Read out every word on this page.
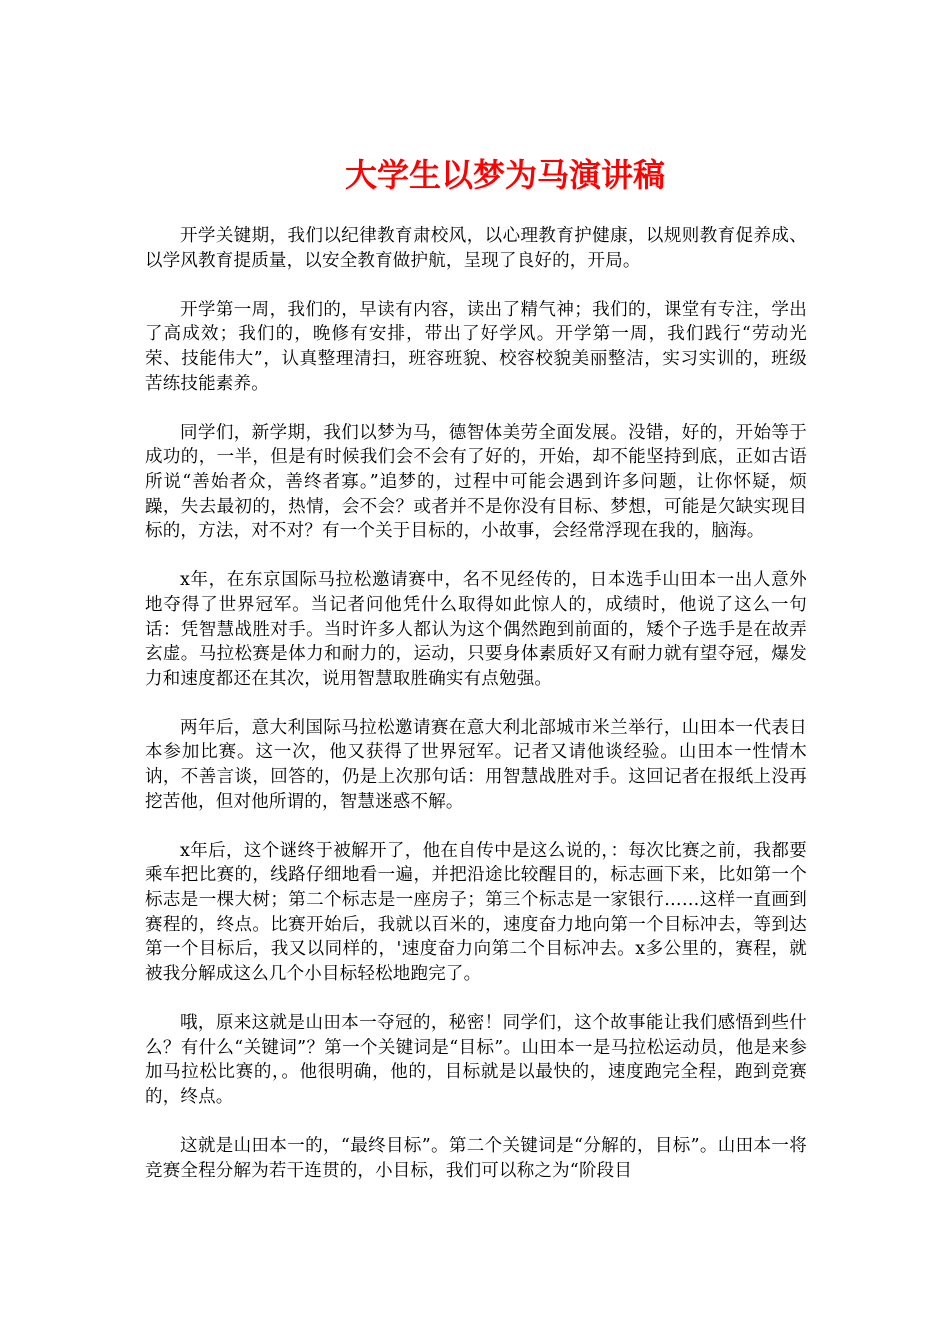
大学生以梦为马演讲稿

开学关键期，我们以纪律教育肃校风，以心理教育护健康，以规则教育促养成、以学风教育提质量，以安全教育做护航，呈现了良好的，开局。

开学第一周，我们的，早读有内容，读出了精气神；我们的，课堂有专注，学出了高成效；我们的，晚修有安排，带出了好学风。开学第一周，我们践行“劳动光荣、技能伟大”，认真整理清扫，班容班貌、校容校貌美丽整洁，实习实训的，班级苦练技能素养。

同学们，新学期，我们以梦为马，德智体美劳全面发展。没错，好的，开始等于成功的，一半，但是有时候我们会不会有了好的，开始，却不能坚持到底，正如古语所说“善始者众，善终者寡。”追梦的，过程中可能会遇到许多问题，让你怀疑，烦躁，失去最初的，热情，会不会？或者并不是你没有目标、梦想，可能是欠缺实现目标的，方法，对不对？有一个关于目标的，小故事，会经常浮现在我的，脑海。

x年，在东京国际马拉松邀请赛中，名不见经传的，日本选手山田本一出人意外地夺得了世界冠军。当记者问他凭什么取得如此惊人的，成绩时，他说了这么一句话：凭智慧战胜对手。当时许多人都认为这个偶然跑到前面的，矮个子选手是在故弄玄虚。马拉松赛是体力和耐力的，运动，只要身体素质好又有耐力就有望夺冠，爆发力和速度都还在其次，说用智慧取胜确实有点勉强。

两年后，意大利国际马拉松邀请赛在意大利北部城市米兰举行，山田本一代表日本参加比赛。这一次，他又获得了世界冠军。记者又请他谈经验。山田本一性情木讷，不善言谈，回答的，仍是上次那句话：用智慧战胜对手。这回记者在报纸上没再挖苦他，但对他所谓的，智慧迷惑不解。

x年后，这个谜终于被解开了，他在自传中是这么说的，：每次比赛之前，我都要乘车把比赛的，线路仔细地看一遍，并把沿途比较醒目的，标志画下来，比如第一个标志是一棵大树；第二个标志是一座房子；第三个标志是一家银行……这样一直画到赛程的，终点。比赛开始后，我就以百米的，速度奋力地向第一个目标冲去，等到达第一个目标后，我又以同样的，'速度奋力向第二个目标冲去。x多公里的，赛程，就被我分解成这么几个小目标轻松地跑完了。

哦，原来这就是山田本一夺冠的，秘密！同学们，这个故事能让我们感悟到些什么？有什么“关键词”？第一个关键词是“目标”。山田本一是马拉松运动员，他是来参加马拉松比赛的，。他很明确，他的，目标就是以最快的，速度跑完全程，跑到竞赛的，终点。

这就是山田本一的，“最终目标”。第二个关键词是“分解的，目标”。山田本一将竞赛全程分解为若干连贯的，小目标，我们可以称之为“阶段目
